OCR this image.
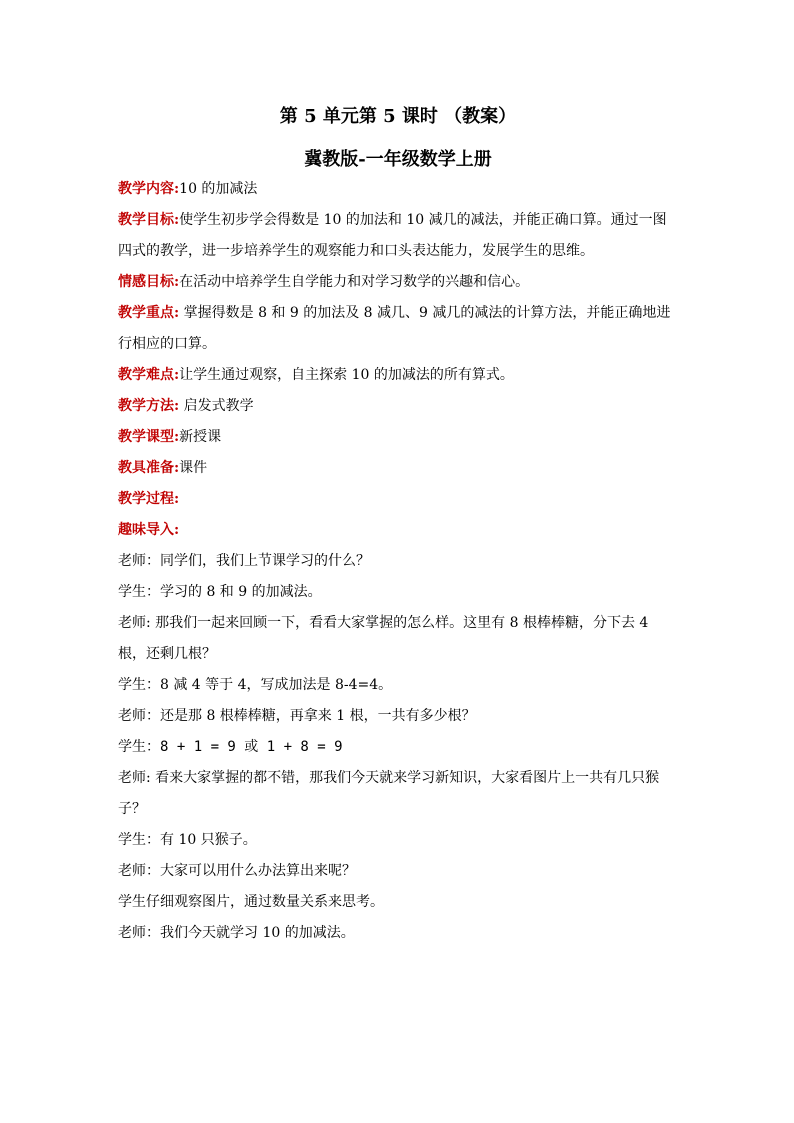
第 5 单元第 5 课时 （教案）

冀教版-一年级数学上册

教学内容:10 的加减法

教学目标:使学生初步学会得数是 10 的加法和 10 减几的减法，并能正确口算。通过一图四式的教学，进一步培养学生的观察能力和口头表达能力，发展学生的思维。

情感目标:在活动中培养学生自学能力和对学习数学的兴趣和信心。

教学重点: 掌握得数是 8 和 9 的加法及 8 减几、9 减几的减法的计算方法，并能正确地进行相应的口算。

教学难点:让学生通过观察，自主探索 10 的加减法的所有算式。

教学方法: 启发式教学

教学课型:新授课

教具准备:课件

教学过程:

趣味导入:

老师：同学们，我们上节课学习的什么？

学生：学习的 8 和 9 的加减法。

老师: 那我们一起来回顾一下，看看大家掌握的怎么样。这里有 8 根棒棒糖，分下去 4 根，还剩几根？

学生：8 减 4 等于 4，写成加法是 8-4=4。

老师：还是那 8 根棒棒糖，再拿来 1 根，一共有多少根？

学生：8 + 1 = 9 或 1 + 8 = 9

老师: 看来大家掌握的都不错，那我们今天就来学习新知识，大家看图片上一共有几只猴子？

学生：有 10 只猴子。

老师：大家可以用什么办法算出来呢？

学生仔细观察图片，通过数量关系来思考。

老师：我们今天就学习 10 的加减法。
